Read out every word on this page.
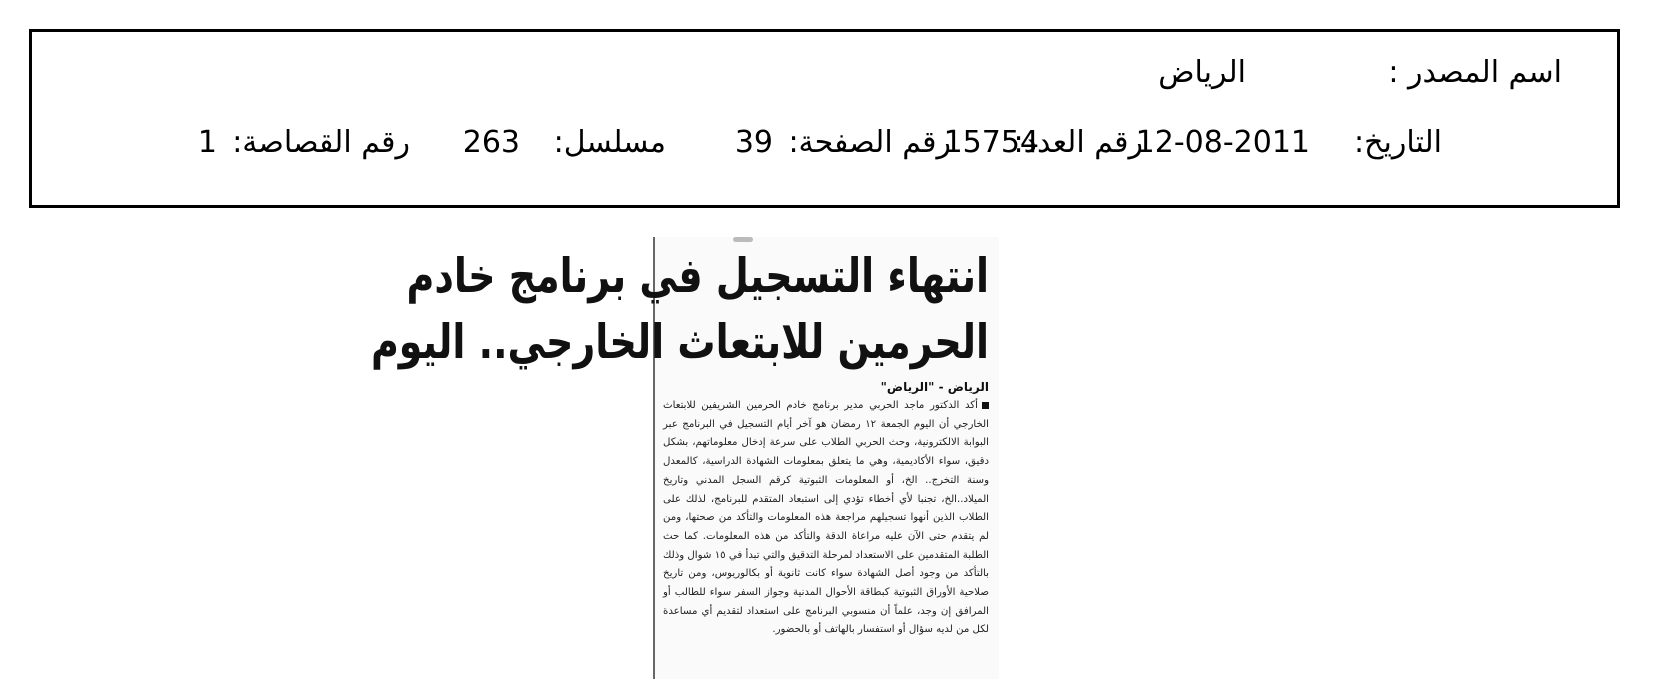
اسم المصدر :
الرياض
التاريخ:
12-08-2011
رقم العدد:
15754
رقم الصفحة:
39
مسلسل:
263
رقم القصاصة:
1
انتهاء التسجيل في برنامج خادم
الحرمين للابتعاث الخارجي.. اليوم
الرياض - "الرياض"
أكد الدكتور ماجد الحربي مدير برنامج خادم الحرمين الشريفين للابتعاث الخارجي أن اليوم الجمعة ١٢ رمضان هو آخر أيام التسجيل في البرنامج عبر البوابة الالكترونية، وحث الحربي الطلاب على سرعة إدخال معلوماتهم، بشكل دقيق، سواء الأكاديمية، وهي ما يتعلق بمعلومات الشهادة الدراسية، كالمعدل وسنة التخرج.. الخ، أو المعلومات الثبوتية كرقم السجل المدني وتاريخ الميلاد..الخ، تجنبا لأي أخطاء تؤدي إلى استبعاد المتقدم للبرنامج، لذلك على الطلاب الذين أنهوا تسجيلهم مراجعة هذه المعلومات والتأكد من صحتها، ومن لم يتقدم حتى الآن عليه مراعاة الدقة والتأكد من هذه المعلومات. كما حث الطلبة المتقدمين على الاستعداد لمرحلة التدقيق والتي تبدأ في ١٥ شوال وذلك بالتأكد من وجود أصل الشهادة سواء كانت ثانوية أو بكالوريوس، ومن تاريخ صلاحية الأوراق الثبوتية كبطاقة الأحوال المدنية وجواز السفر سواء للطالب أو المرافق إن وجد، علماً أن منسوبي البرنامج على استعداد لتقديم أي مساعدة لكل من لديه سؤال أو استفسار بالهاتف أو بالحضور.
